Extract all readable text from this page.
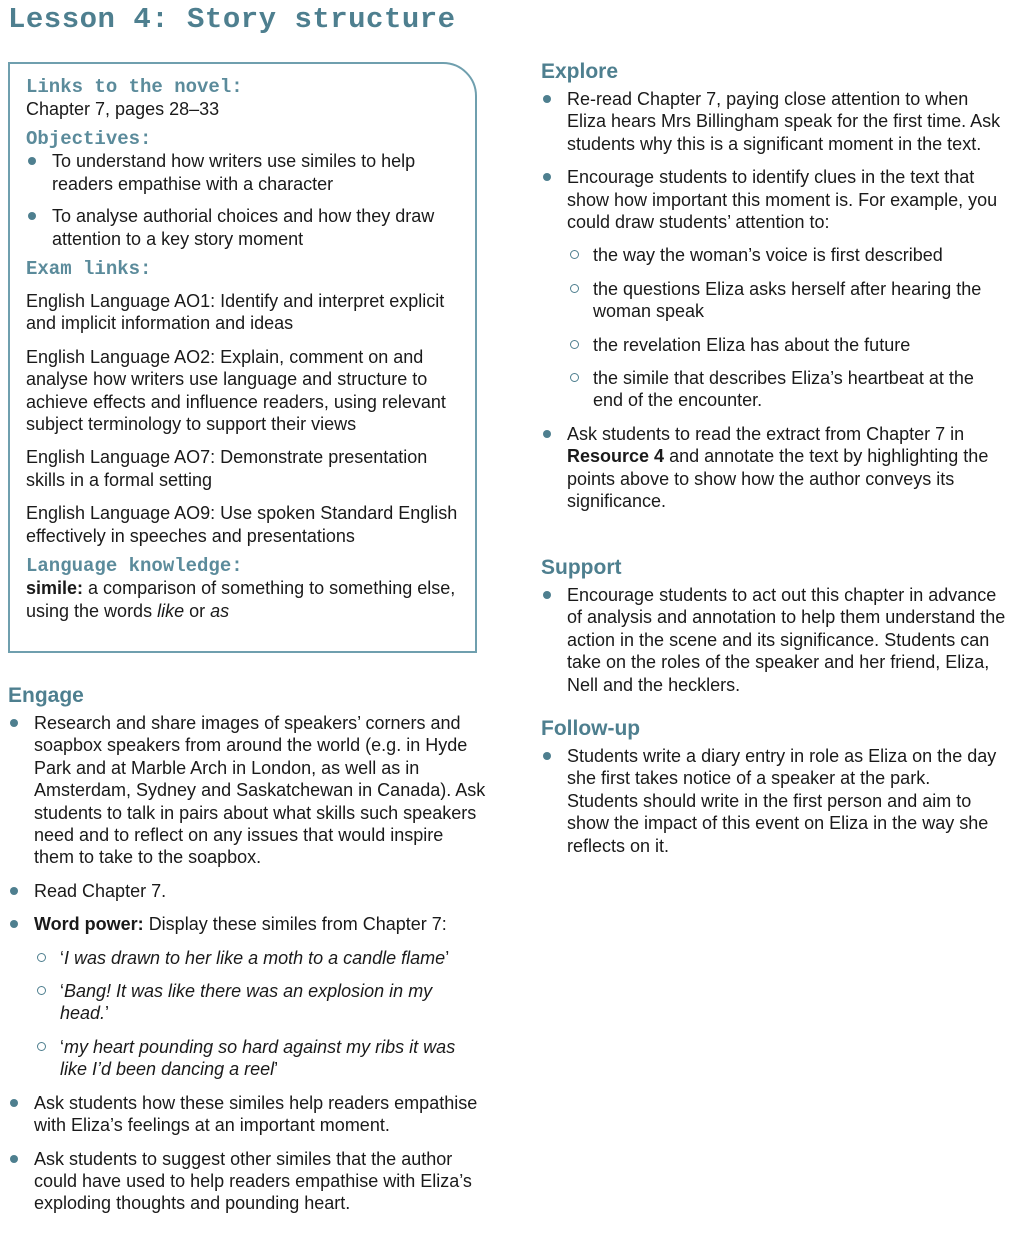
Lesson 4: Story structure

Links to the novel:

Chapter 7, pages 28–33

Objectives:

To understand how writers use similes to help readers empathise with a character
To analyse authorial choices and how they draw attention to a key story moment

Exam links:

English Language AO1: Identify and interpret explicit and implicit information and ideas

English Language AO2: Explain, comment on and analyse how writers use language and structure to achieve effects and influence readers, using relevant subject terminology to support their views

English Language AO7: Demonstrate presentation skills in a formal setting

English Language AO9: Use spoken Standard English effectively in speeches and presentations

Language knowledge:

simile: a comparison of something to something else, using the words like or as

Engage
Research and share images of speakers’ corners and soapbox speakers from around the world (e.g. in Hyde Park and at Marble Arch in London, as well as in Amsterdam, Sydney and Saskatchewan in Canada). Ask students to talk in pairs about what skills such speakers need and to reflect on any issues that would inspire them to take to the soapbox.
Read Chapter 7.
Word power: Display these similes from Chapter 7:
‘I was drawn to her like a moth to a candle flame’
‘Bang! It was like there was an explosion in my head.’
‘my heart pounding so hard against my ribs it was like I’d been dancing a reel’
Ask students how these similes help readers empathise with Eliza’s feelings at an important moment.
Ask students to suggest other similes that the author could have used to help readers empathise with Eliza’s exploding thoughts and pounding heart.
Explore
Re-read Chapter 7, paying close attention to when Eliza hears Mrs Billingham speak for the first time. Ask students why this is a significant moment in the text.
Encourage students to identify clues in the text that show how important this moment is. For example, you could draw students’ attention to:
the way the woman’s voice is first described
the questions Eliza asks herself after hearing the woman speak
the revelation Eliza has about the future
the simile that describes Eliza’s heartbeat at the end of the encounter.
Ask students to read the extract from Chapter 7 in Resource 4 and annotate the text by highlighting the points above to show how the author conveys its significance.
Support
Encourage students to act out this chapter in advance of analysis and annotation to help them understand the action in the scene and its significance. Students can take on the roles of the speaker and her friend, Eliza, Nell and the hecklers.
Follow-up
Students write a diary entry in role as Eliza on the day she first takes notice of a speaker at the park. Students should write in the first person and aim to show the impact of this event on Eliza in the way she reflects on it.
